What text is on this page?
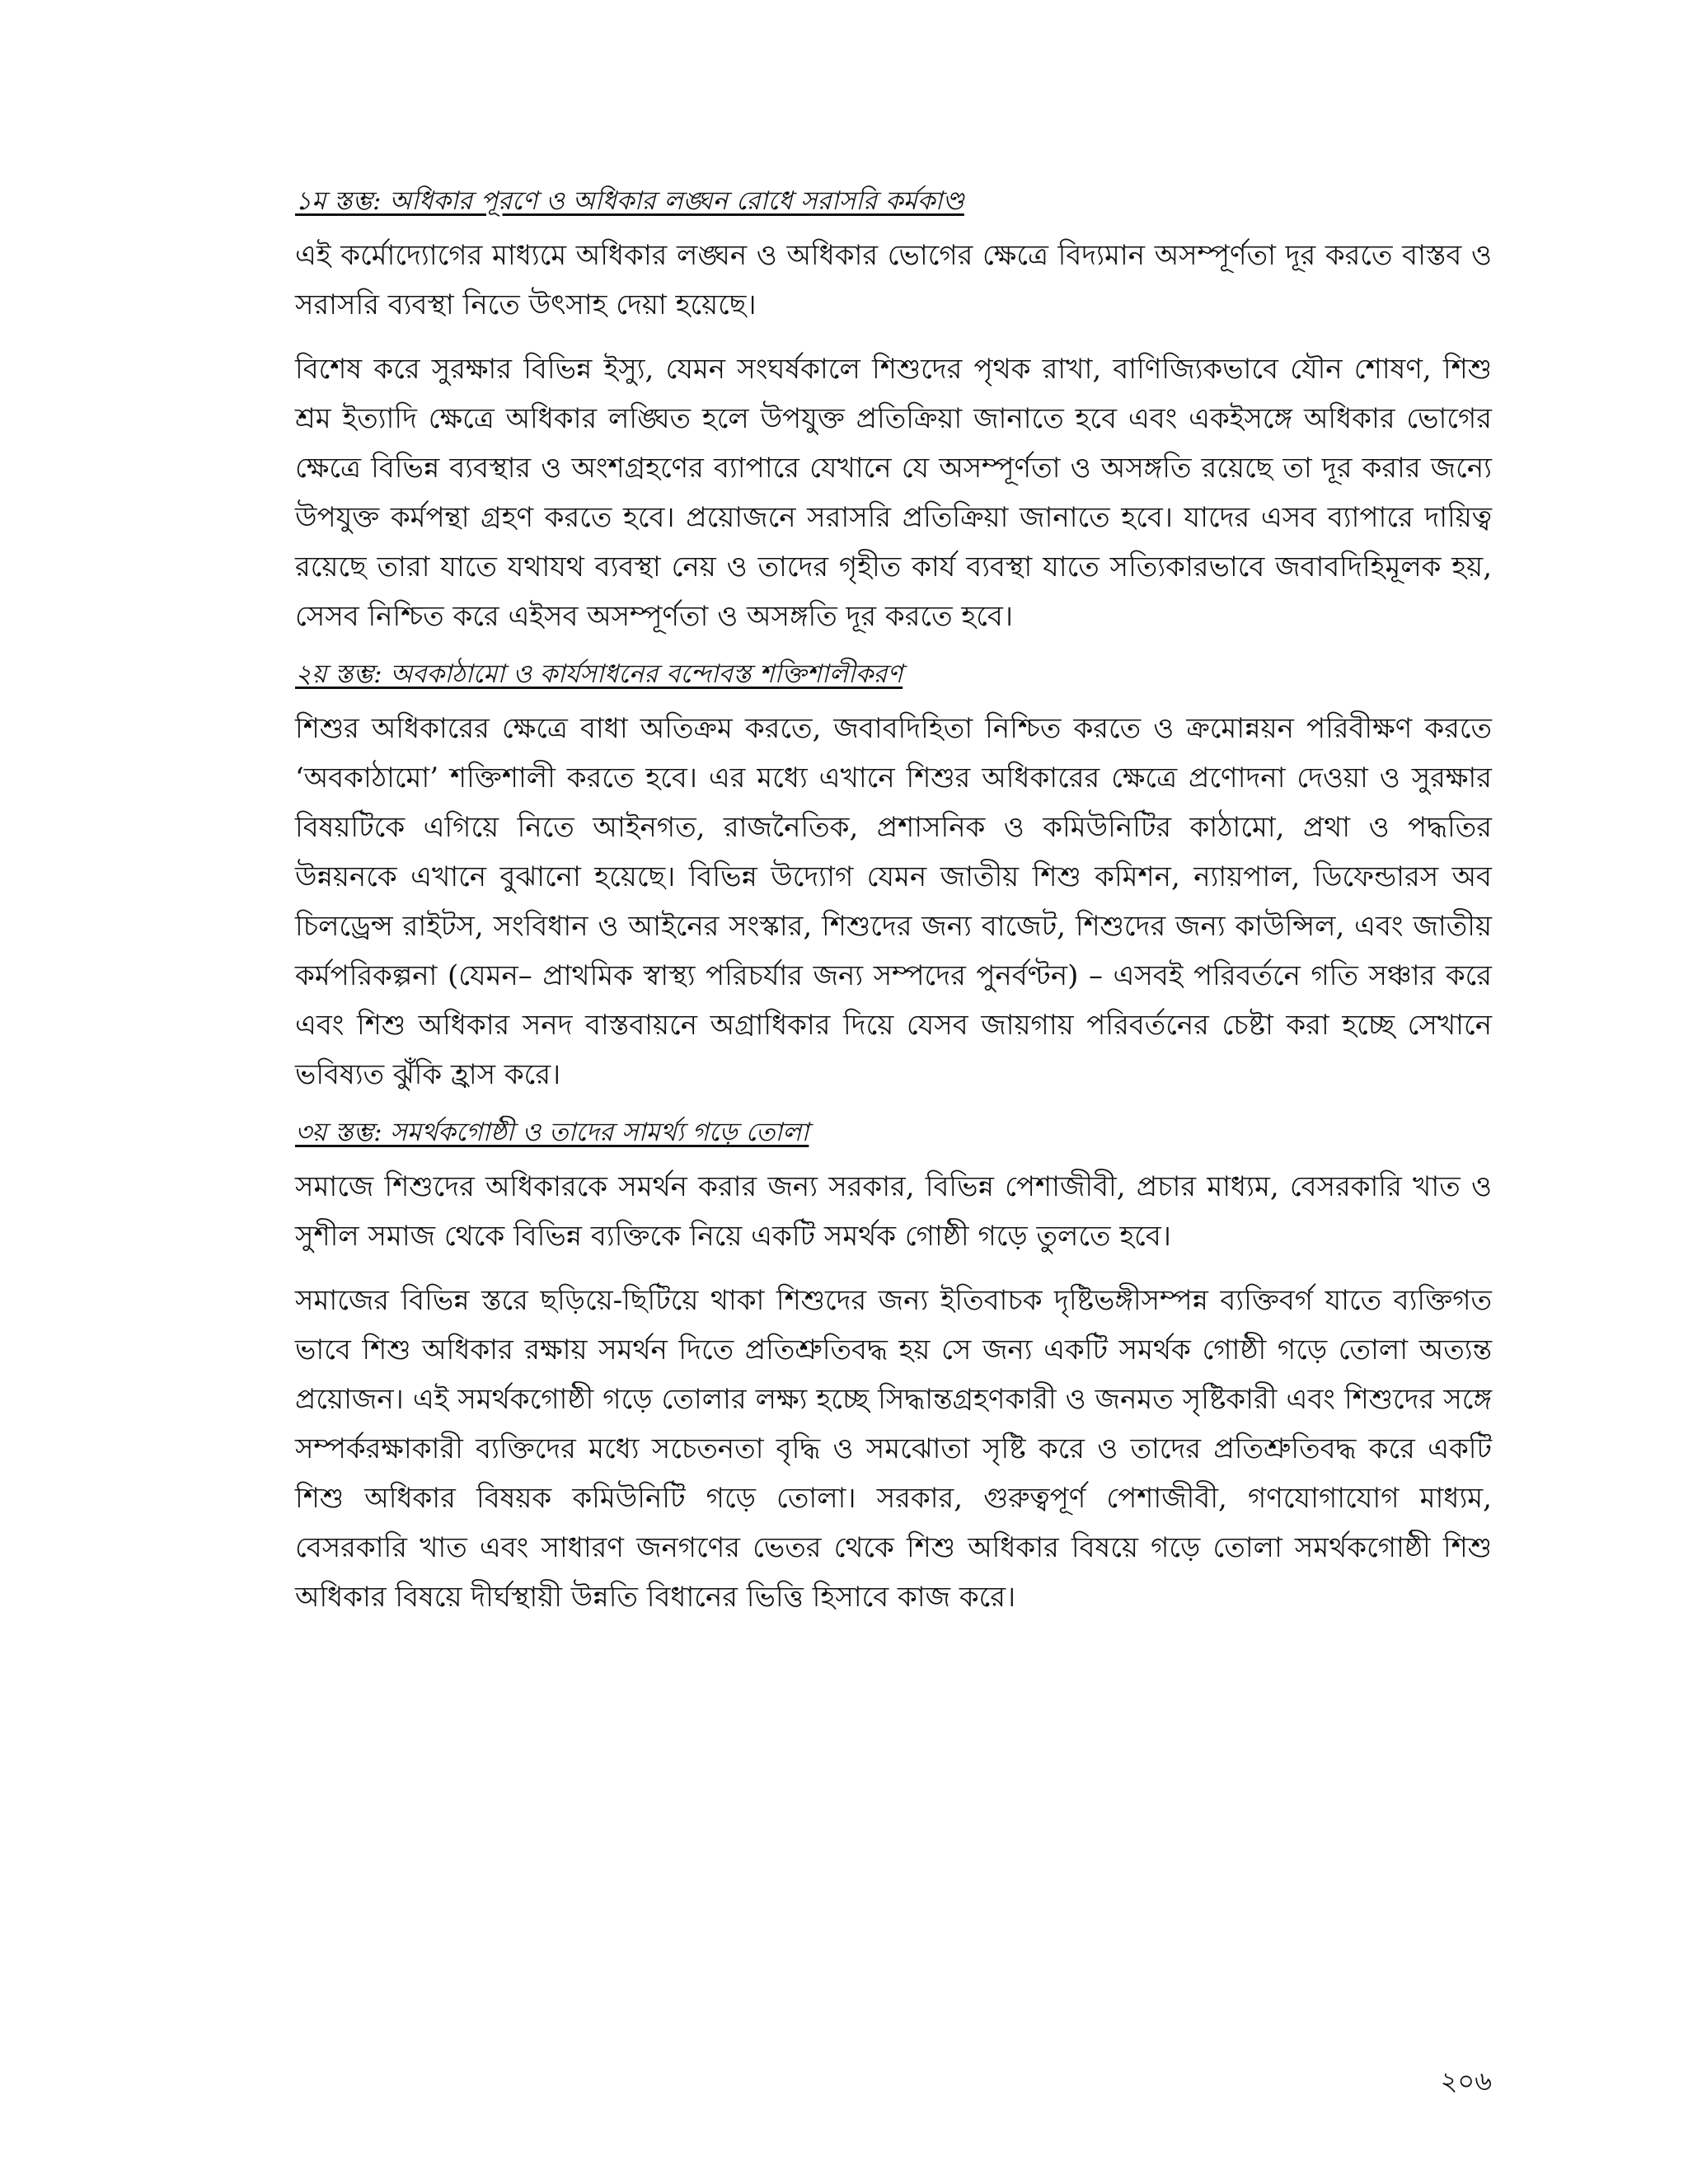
১ম স্তম্ভ: অধিকার পূরণে ও অধিকার লঙ্ঘন রোধে সরাসরি কর্মকাণ্ড

এই কর্মোদ্যোগের মাধ্যমে অধিকার লঙ্ঘন ও অধিকার ভোগের ক্ষেত্রে বিদ্যমান অসম্পূর্ণতা দূর করতে বাস্তব ও সরাসরি ব্যবস্থা নিতে উৎসাহ দেয়া হয়েছে।

বিশেষ করে সুরক্ষার বিভিন্ন ইস্যু, যেমন সংঘর্ষকালে শিশুদের পৃথক রাখা, বাণিজ্যিকভাবে যৌন শোষণ, শিশু শ্রম ইত্যাদি ক্ষেত্রে অধিকার লঙ্ঘিত হলে উপযুক্ত প্রতিক্রিয়া জানাতে হবে এবং একইসঙ্গে অধিকার ভোগের ক্ষেত্রে বিভিন্ন ব্যবস্থার ও অংশগ্রহণের ব্যাপারে যেখানে যে অসম্পূর্ণতা ও অসঙ্গতি রয়েছে তা দূর করার জন্যে উপযুক্ত কর্মপন্থা গ্রহণ করতে হবে। প্রয়োজনে সরাসরি প্রতিক্রিয়া জানাতে হবে। যাদের এসব ব্যাপারে দায়িত্ব রয়েছে তারা যাতে যথাযথ ব্যবস্থা নেয় ও তাদের গৃহীত কার্য ব্যবস্থা যাতে সত্যিকারভাবে জবাবদিহিমূলক হয়, সেসব নিশ্চিত করে এইসব অসম্পূর্ণতা ও অসঙ্গতি দূর করতে হবে।

২য় স্তম্ভ: অবকাঠামো ও কার্যসাধনের বন্দোবস্ত শক্তিশালীকরণ

শিশুর অধিকারের ক্ষেত্রে বাধা অতিক্রম করতে, জবাবদিহিতা নিশ্চিত করতে ও ক্রমোন্নয়ন পরিবীক্ষণ করতে ‘অবকাঠামো’ শক্তিশালী করতে হবে। এর মধ্যে এখানে শিশুর অধিকারের ক্ষেত্রে প্রণোদনা দেওয়া ও সুরক্ষার বিষয়টিকে এগিয়ে নিতে আইনগত, রাজনৈতিক, প্রশাসনিক ও কমিউনিটির কাঠামো, প্রথা ও পদ্ধতির উন্নয়নকে এখানে বুঝানো হয়েছে। বিভিন্ন উদ্যোগ যেমন জাতীয় শিশু কমিশন, ন্যায়পাল, ডিফেন্ডারস অব চিলড্রেন্স রাইটস, সংবিধান ও আইনের সংস্কার, শিশুদের জন্য বাজেট, শিশুদের জন্য কাউন্সিল, এবং জাতীয় কর্মপরিকল্পনা (যেমন– প্রাথমিক স্বাস্থ্য পরিচর্যার জন্য সম্পদের পুনর্বণ্টন) – এসবই পরিবর্তনে গতি সঞ্চার করে এবং শিশু অধিকার সনদ বাস্তবায়নে অগ্রাধিকার দিয়ে যেসব জায়গায় পরিবর্তনের চেষ্টা করা হচ্ছে সেখানে ভবিষ্যত ঝুঁকি হ্রাস করে।

৩য় স্তম্ভ: সমর্থকগোষ্ঠী ও তাদের সামর্থ্য গড়ে তোলা

সমাজে শিশুদের অধিকারকে সমর্থন করার জন্য সরকার, বিভিন্ন পেশাজীবী, প্রচার মাধ্যম, বেসরকারি খাত ও সুশীল সমাজ থেকে বিভিন্ন ব্যক্তিকে নিয়ে একটি সমর্থক গোষ্ঠী গড়ে তুলতে হবে।

সমাজের বিভিন্ন স্তরে ছড়িয়ে-ছিটিয়ে থাকা শিশুদের জন্য ইতিবাচক দৃষ্টিভঙ্গীসম্পন্ন ব্যক্তিবর্গ যাতে ব্যক্তিগত ভাবে শিশু অধিকার রক্ষায় সমর্থন দিতে প্রতিশ্রুতিবদ্ধ হয় সে জন্য একটি সমর্থক গোষ্ঠী গড়ে তোলা অত্যন্ত প্রয়োজন। এই সমর্থকগোষ্ঠী গড়ে তোলার লক্ষ্য হচ্ছে সিদ্ধান্তগ্রহণকারী ও জনমত সৃষ্টিকারী এবং শিশুদের সঙ্গে সম্পর্করক্ষাকারী ব্যক্তিদের মধ্যে সচেতনতা বৃদ্ধি ও সমঝোতা সৃষ্টি করে ও তাদের প্রতিশ্রুতিবদ্ধ করে একটি শিশু অধিকার বিষয়ক কমিউনিটি গড়ে তোলা। সরকার, গুরুত্বপূর্ণ পেশাজীবী, গণযোগাযোগ মাধ্যম, বেসরকারি খাত এবং সাধারণ জনগণের ভেতর থেকে শিশু অধিকার বিষয়ে গড়ে তোলা সমর্থকগোষ্ঠী শিশু অধিকার বিষয়ে দীর্ঘস্থায়ী উন্নতি বিধানের ভিত্তি হিসাবে কাজ করে।

২০৬
